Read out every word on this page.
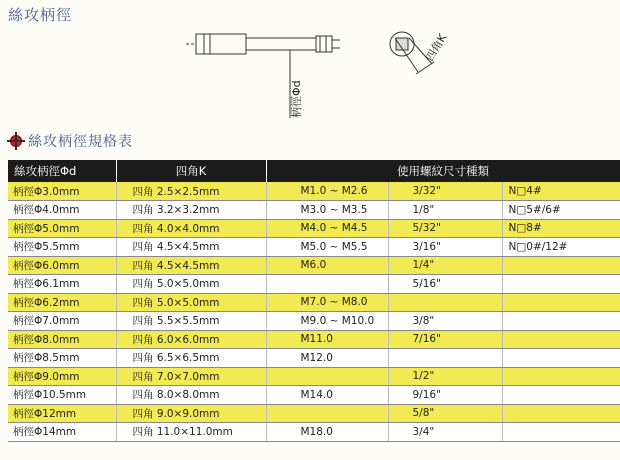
絲攻柄徑
柄徑Φd
四角K
絲攻柄徑規格表
絲攻柄徑Φd	四角K	使用螺紋尺寸種類		
柄徑Φ3.0mm	四角 2.5×2.5mm	M1.0 ~ M2.6	3/32"	N□4#
柄徑Φ4.0mm	四角 3.2×3.2mm	M3.0 ~ M3.5	1/8"	N□5#/6#
柄徑Φ5.0mm	四角 4.0×4.0mm	M4.0 ~ M4.5	5/32"	N□8#
柄徑Φ5.5mm	四角 4.5×4.5mm	M5.0 ~ M5.5	3/16"	N□0#/12#
柄徑Φ6.0mm	四角 4.5×4.5mm	M6.0	1/4"	
柄徑Φ6.1mm	四角 5.0×5.0mm		5/16"	
柄徑Φ6.2mm	四角 5.0×5.0mm	M7.0 ~ M8.0		
柄徑Φ7.0mm	四角 5.5×5.5mm	M9.0 ~ M10.0	3/8"	
柄徑Φ8.0mm	四角 6.0×6.0mm	M11.0	7/16"	
柄徑Φ8.5mm	四角 6.5×6.5mm	M12.0		
柄徑Φ9.0mm	四角 7.0×7.0mm		1/2"	
柄徑Φ10.5mm	四角 8.0×8.0mm	M14.0	9/16"	
柄徑Φ12mm	四角 9.0×9.0mm		5/8"	
柄徑Φ14mm	四角 11.0×11.0mm	M18.0	3/4"	
